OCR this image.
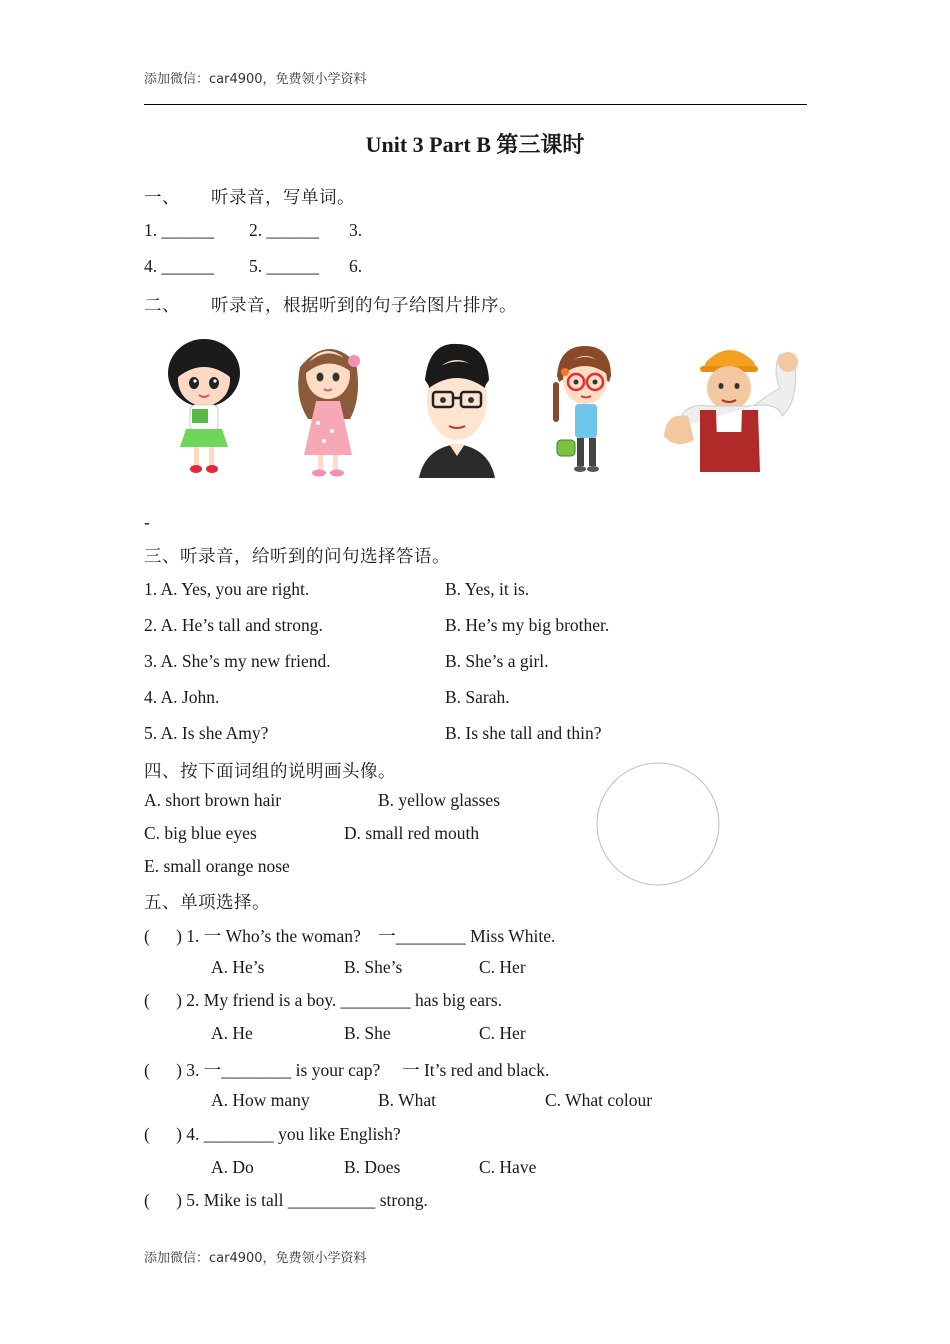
添加微信：car4900，免费领小学资料
Unit 3 Part B 第三课时
一、 听录音，写单词。
1. ______ 2. ______ 3.
4. ______ 5. ______ 6.
二、 听录音，根据听到的句子给图片排序。
-
三、听录音，给听到的问句选择答语。
1. A. Yes, you are right.	B. Yes, it is.
2. A. He’s tall and strong.	B. He’s my big brother.
3. A. She’s my new friend.	B. She’s a girl.
4. A. John.	B. Sarah.
5. A. Is she Amy?	B. Is she tall and thin?
四、按下面词组的说明画头像。
A. short brown hair	B. yellow glasses
C. big blue eyes	D. small red mouth
E. small orange nose
五、单项选择。
(      ) 1. 一 Who’s the woman?    一________ Miss White.
A. He’s	B. She’s	C. Her
(      ) 2. My friend is a boy. ________ has big ears.
A. He	B. She	C. Her
(      ) 3. 一________ is your cap?     一 It’s red and black.
A. How many	B. What	C. What colour
(      ) 4. ________ you like English?
A. Do	B. Does	C. Have
(      ) 5. Mike is tall __________ strong.
添加微信：car4900，免费领小学资料
